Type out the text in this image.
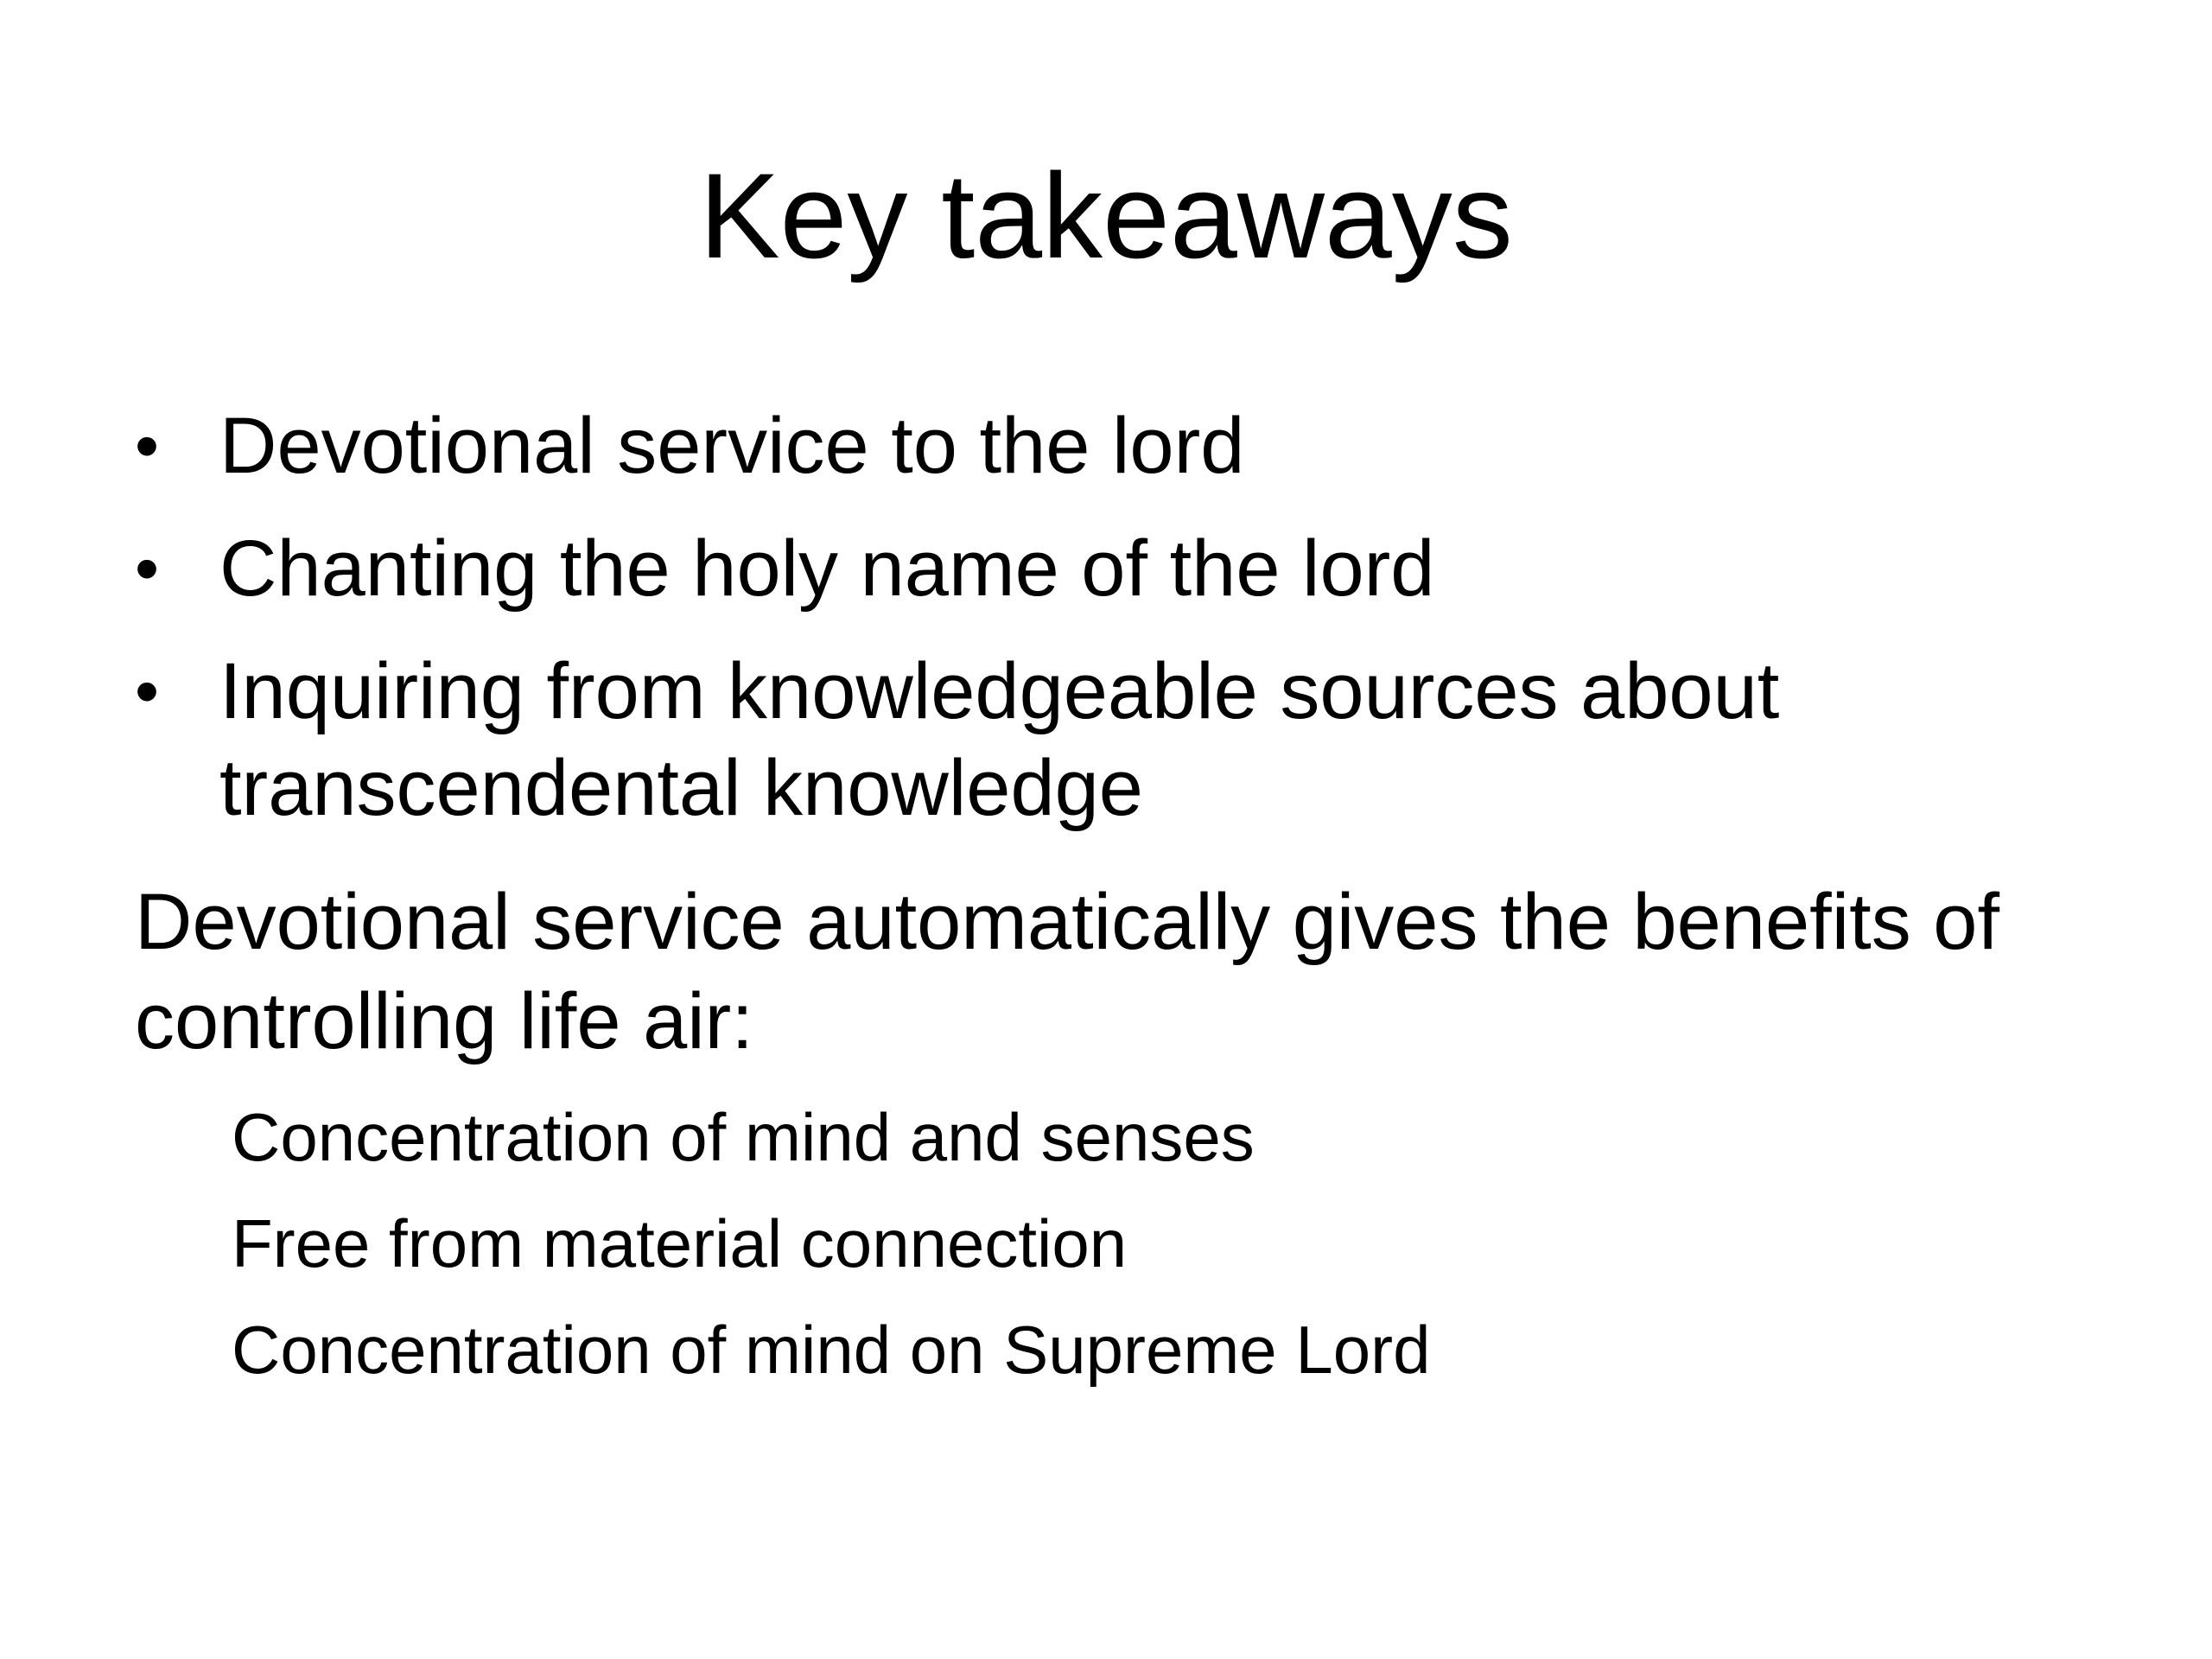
Key takeaways
• Devotional service to the lord
• Chanting the holy name of the lord
• Inquiring from knowledgeable sources about transcendental knowledge
Devotional service automatically gives the benefits of controlling life air:
Concentration of mind and senses
Free from material connection
Concentration of mind on Supreme Lord
